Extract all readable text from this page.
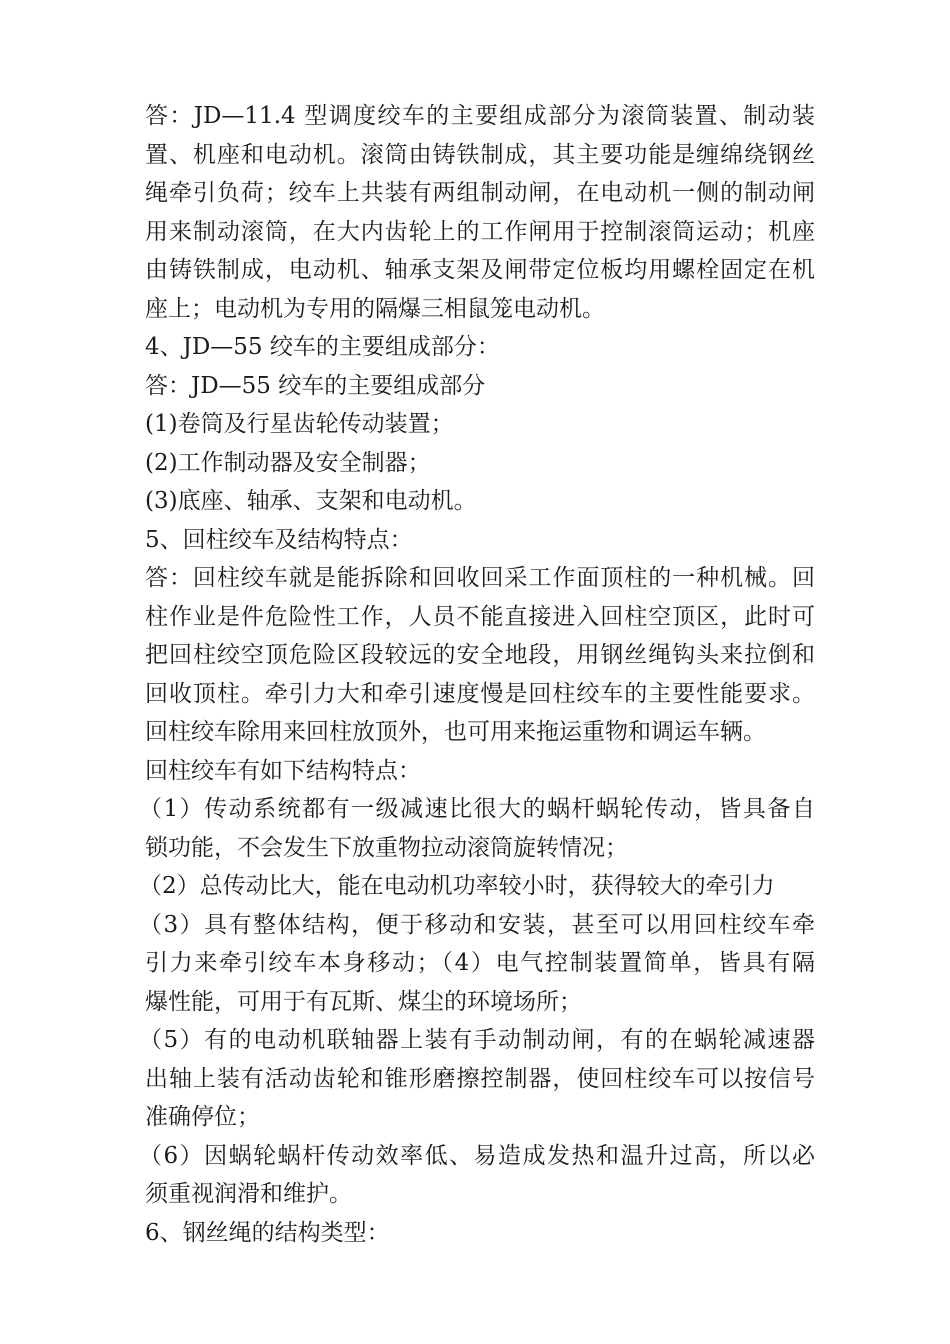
答：JD—11.4 型调度绞车的主要组成部分为滚筒装置、制动装
置、机座和电动机。滚筒由铸铁制成，其主要功能是缠绵绕钢丝
绳牵引负荷；绞车上共装有两组制动闸，在电动机一侧的制动闸
用来制动滚筒，在大内齿轮上的工作闸用于控制滚筒运动；机座
由铸铁制成，电动机、轴承支架及闸带定位板均用螺栓固定在机
座上；电动机为专用的隔爆三相鼠笼电动机。
4、JD—55 绞车的主要组成部分：
答：JD—55 绞车的主要组成部分
(1)卷筒及行星齿轮传动装置；
(2)工作制动器及安全制器；
(3)底座、轴承、支架和电动机。
5、回柱绞车及结构特点：
答：回柱绞车就是能拆除和回收回采工作面顶柱的一种机械。回
柱作业是件危险性工作，人员不能直接进入回柱空顶区，此时可
把回柱绞空顶危险区段较远的安全地段，用钢丝绳钩头来拉倒和
回收顶柱。牵引力大和牵引速度慢是回柱绞车的主要性能要求。
回柱绞车除用来回柱放顶外，也可用来拖运重物和调运车辆。
回柱绞车有如下结构特点：
（1）传动系统都有一级减速比很大的蜗杆蜗轮传动，皆具备自
锁功能，不会发生下放重物拉动滚筒旋转情况；
（2）总传动比大，能在电动机功率较小时，获得较大的牵引力
（3）具有整体结构，便于移动和安装，甚至可以用回柱绞车牵
引力来牵引绞车本身移动；（4）电气控制装置简单，皆具有隔
爆性能，可用于有瓦斯、煤尘的环境场所；
（5）有的电动机联轴器上装有手动制动闸，有的在蜗轮减速器
出轴上装有活动齿轮和锥形磨擦控制器，使回柱绞车可以按信号
准确停位；
（6）因蜗轮蜗杆传动效率低、易造成发热和温升过高，所以必
须重视润滑和维护。
6、钢丝绳的结构类型：
